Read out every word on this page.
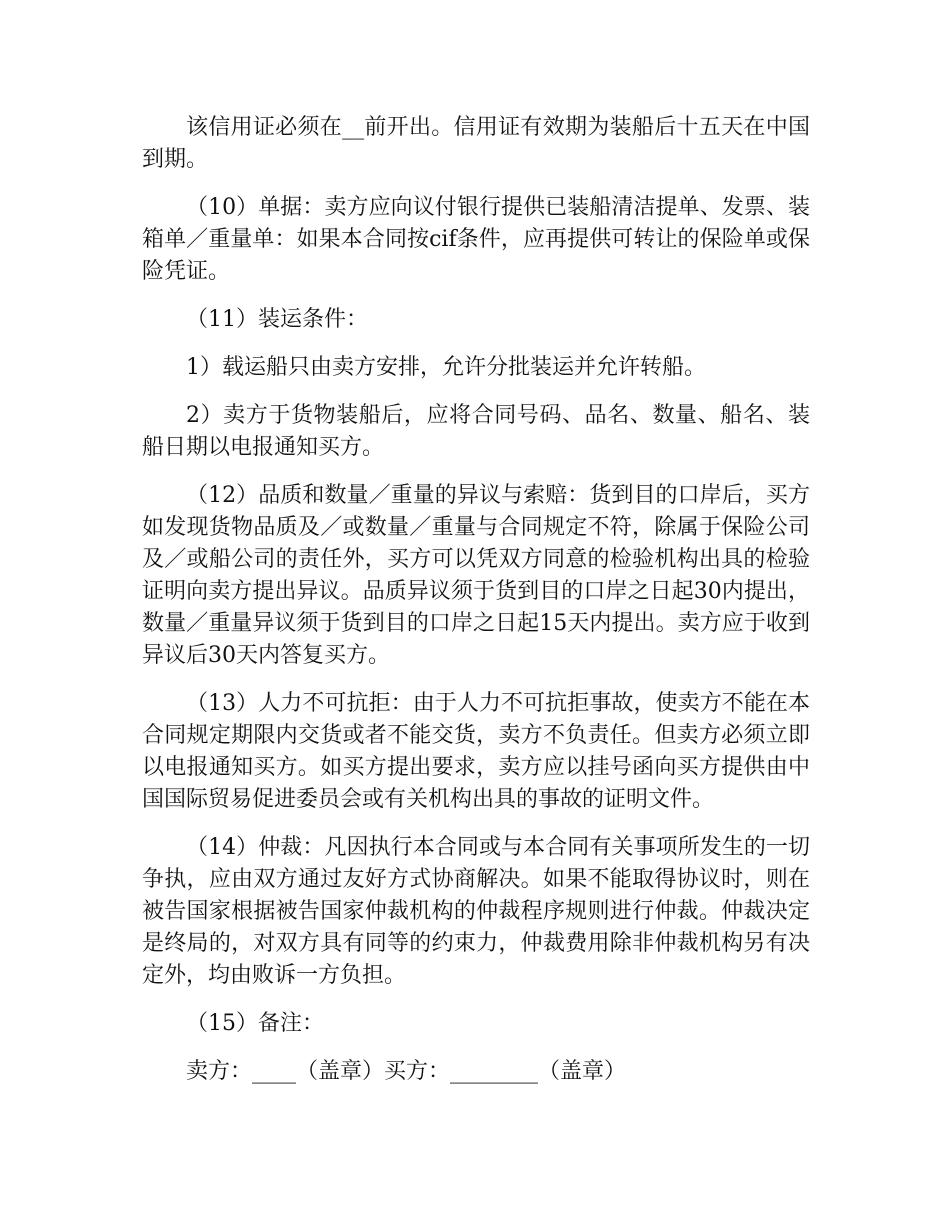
该信用证必须在__前开出。信用证有效期为装船后十五天在中国到期。

（10）单据：卖方应向议付银行提供已装船清洁提单、发票、装箱单／重量单：如果本合同按cif条件，应再提供可转让的保险单或保险凭证。

（11）装运条件：

1）载运船只由卖方安排，允许分批装运并允许转船。

2）卖方于货物装船后，应将合同号码、品名、数量、船名、装船日期以电报通知买方。

（12）品质和数量／重量的异议与索赔：货到目的口岸后，买方如发现货物品质及／或数量／重量与合同规定不符，除属于保险公司及／或船公司的责任外，买方可以凭双方同意的检验机构出具的检验证明向卖方提出异议。品质异议须于货到目的口岸之日起30内提出，数量／重量异议须于货到目的口岸之日起15天内提出。卖方应于收到异议后30天内答复买方。

（13）人力不可抗拒：由于人力不可抗拒事故，使卖方不能在本合同规定期限内交货或者不能交货，卖方不负责任。但卖方必须立即以电报通知买方。如买方提出要求，卖方应以挂号函向买方提供由中国国际贸易促进委员会或有关机构出具的事故的证明文件。

（14）仲裁：凡因执行本合同或与本合同有关事项所发生的一切争执，应由双方通过友好方式协商解决。如果不能取得协议时，则在被告国家根据被告国家仲裁机构的仲裁程序规则进行仲裁。仲裁决定是终局的，对双方具有同等的约束力，仲裁费用除非仲裁机构另有决定外，均由败诉一方负担。

（15）备注：

卖方：____（盖章）买方：________（盖章）
